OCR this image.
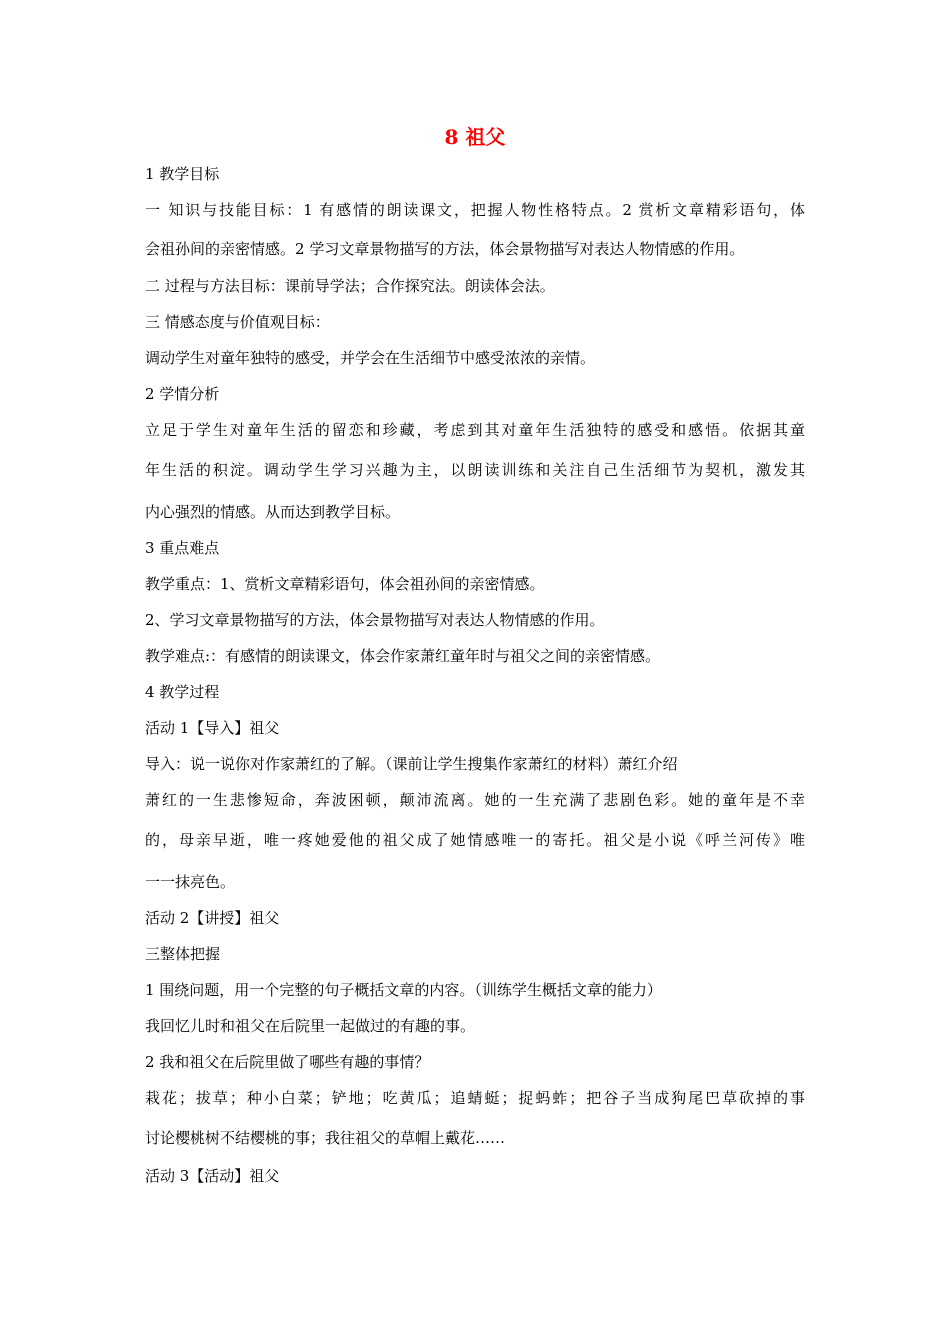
8 祖父
1 教学目标
一 知识与技能目标：1 有感情的朗读课文，把握人物性格特点。2 赏析文章精彩语句，体
会祖孙间的亲密情感。2 学习文章景物描写的方法，体会景物描写对表达人物情感的作用。
二 过程与方法目标：课前导学法；合作探究法。朗读体会法。
三 情感态度与价值观目标：
调动学生对童年独特的感受，并学会在生活细节中感受浓浓的亲情。
2 学情分析
立足于学生对童年生活的留恋和珍藏，考虑到其对童年生活独特的感受和感悟。依据其童
年生活的积淀。调动学生学习兴趣为主，以朗读训练和关注自己生活细节为契机，激发其
内心强烈的情感。从而达到教学目标。
3 重点难点
教学重点：1、赏析文章精彩语句，体会祖孙间的亲密情感。
2、学习文章景物描写的方法，体会景物描写对表达人物情感的作用。
教学难点:：有感情的朗读课文，体会作家萧红童年时与祖父之间的亲密情感。
4 教学过程
活动 1【导入】祖父
导入：说一说你对作家萧红的了解。（课前让学生搜集作家萧红的材料）萧红介绍
萧红的一生悲惨短命，奔波困顿，颠沛流离。她的一生充满了悲剧色彩。她的童年是不幸
的，母亲早逝，唯一疼她爱他的祖父成了她情感唯一的寄托。祖父是小说《呼兰河传》唯
一一抹亮色。
活动 2【讲授】祖父
三整体把握
1 围绕问题，用一个完整的句子概括文章的内容。（训练学生概括文章的能力）
我回忆儿时和祖父在后院里一起做过的有趣的事。
2 我和祖父在后院里做了哪些有趣的事情？
栽花；拔草；种小白菜；铲地；吃黄瓜；追蜻蜓；捉蚂蚱；把谷子当成狗尾巴草砍掉的事
讨论樱桃树不结樱桃的事；我往祖父的草帽上戴花……
活动 3【活动】祖父
